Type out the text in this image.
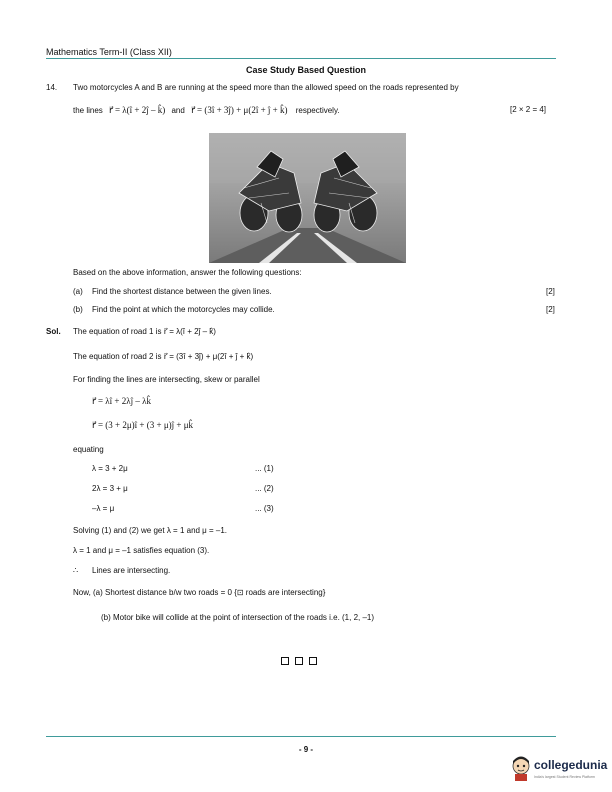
Mathematics Term-II (Class XII)
Case Study Based Question
14. Two motorcycles A and B are running at the speed more than the allowed speed on the roads represented by
the lines r⃗ = λ(î + 2ĵ – k̂) and r⃗ = (3î + 3ĵ) + μ(2î + ĵ + k̂) respectively.	[2 × 2 = 4]
Based on the above information, answer the following questions:
(a) Find the shortest distance between the given lines.	[2]
(b) Find the point at which the motorcycles may collide.	[2]
Sol. The equation of road 1 is r⃗ = λ(î + 2ĵ – k̂)
The equation of road 2 is r⃗ = (3î + 3ĵ) + μ(2î + ĵ + k̂)
For finding the lines are intersecting, skew or parallel
r⃗ = λî + 2λĵ – λk̂
r⃗ = (3 + 2μ)î + (3 + μ)ĵ + μk̂
equating
λ = 3 + 2μ	... (1)
2λ = 3 + μ	... (2)
–λ = μ	... (3)
Solving (1) and (2) we get λ = 1 and μ = –1.
λ = 1 and μ = –1 satisfies equation (3).
∴ Lines are intersecting.
Now, (a) Shortest distance b/w two roads = 0 {⊡ roads are intersecting}
(b) Motor bike will collide at the point of intersection of the roads i.e. (1, 2, –1)
- 9 -
collegedunia
India's largest Student Review Platform
